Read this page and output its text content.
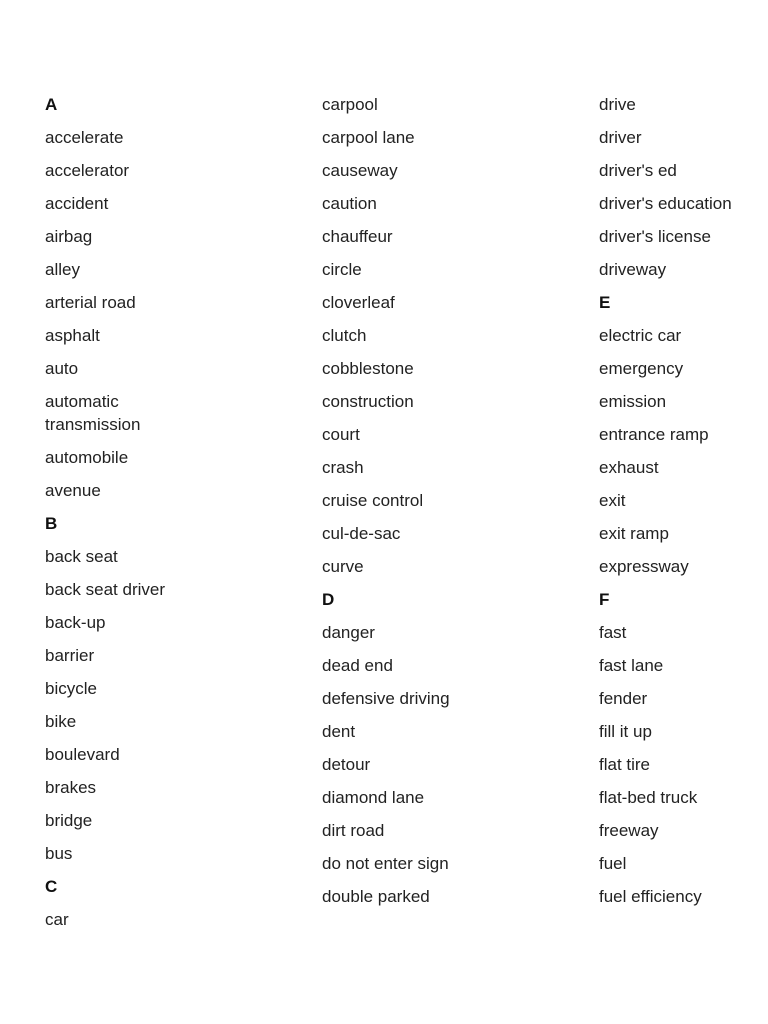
A

accelerate

accelerator

accident

airbag

alley

arterial road

asphalt

auto

automatic transmission

automobile

avenue

B

back seat

back seat driver

back-up

barrier

bicycle

bike

boulevard

brakes

bridge

bus

C

car

carpool

carpool lane

causeway

caution

chauffeur

circle

cloverleaf

clutch

cobblestone

construction

court

crash

cruise control

cul-de-sac

curve

D

danger

dead end

defensive driving

dent

detour

diamond lane

dirt road

do not enter sign

double parked

drive

driver

driver's ed

driver's education

driver's license

driveway

E

electric car

emergency

emission

entrance ramp

exhaust

exit

exit ramp

expressway

F

fast

fast lane

fender

fill it up

flat tire

flat-bed truck

freeway

fuel

fuel efficiency
